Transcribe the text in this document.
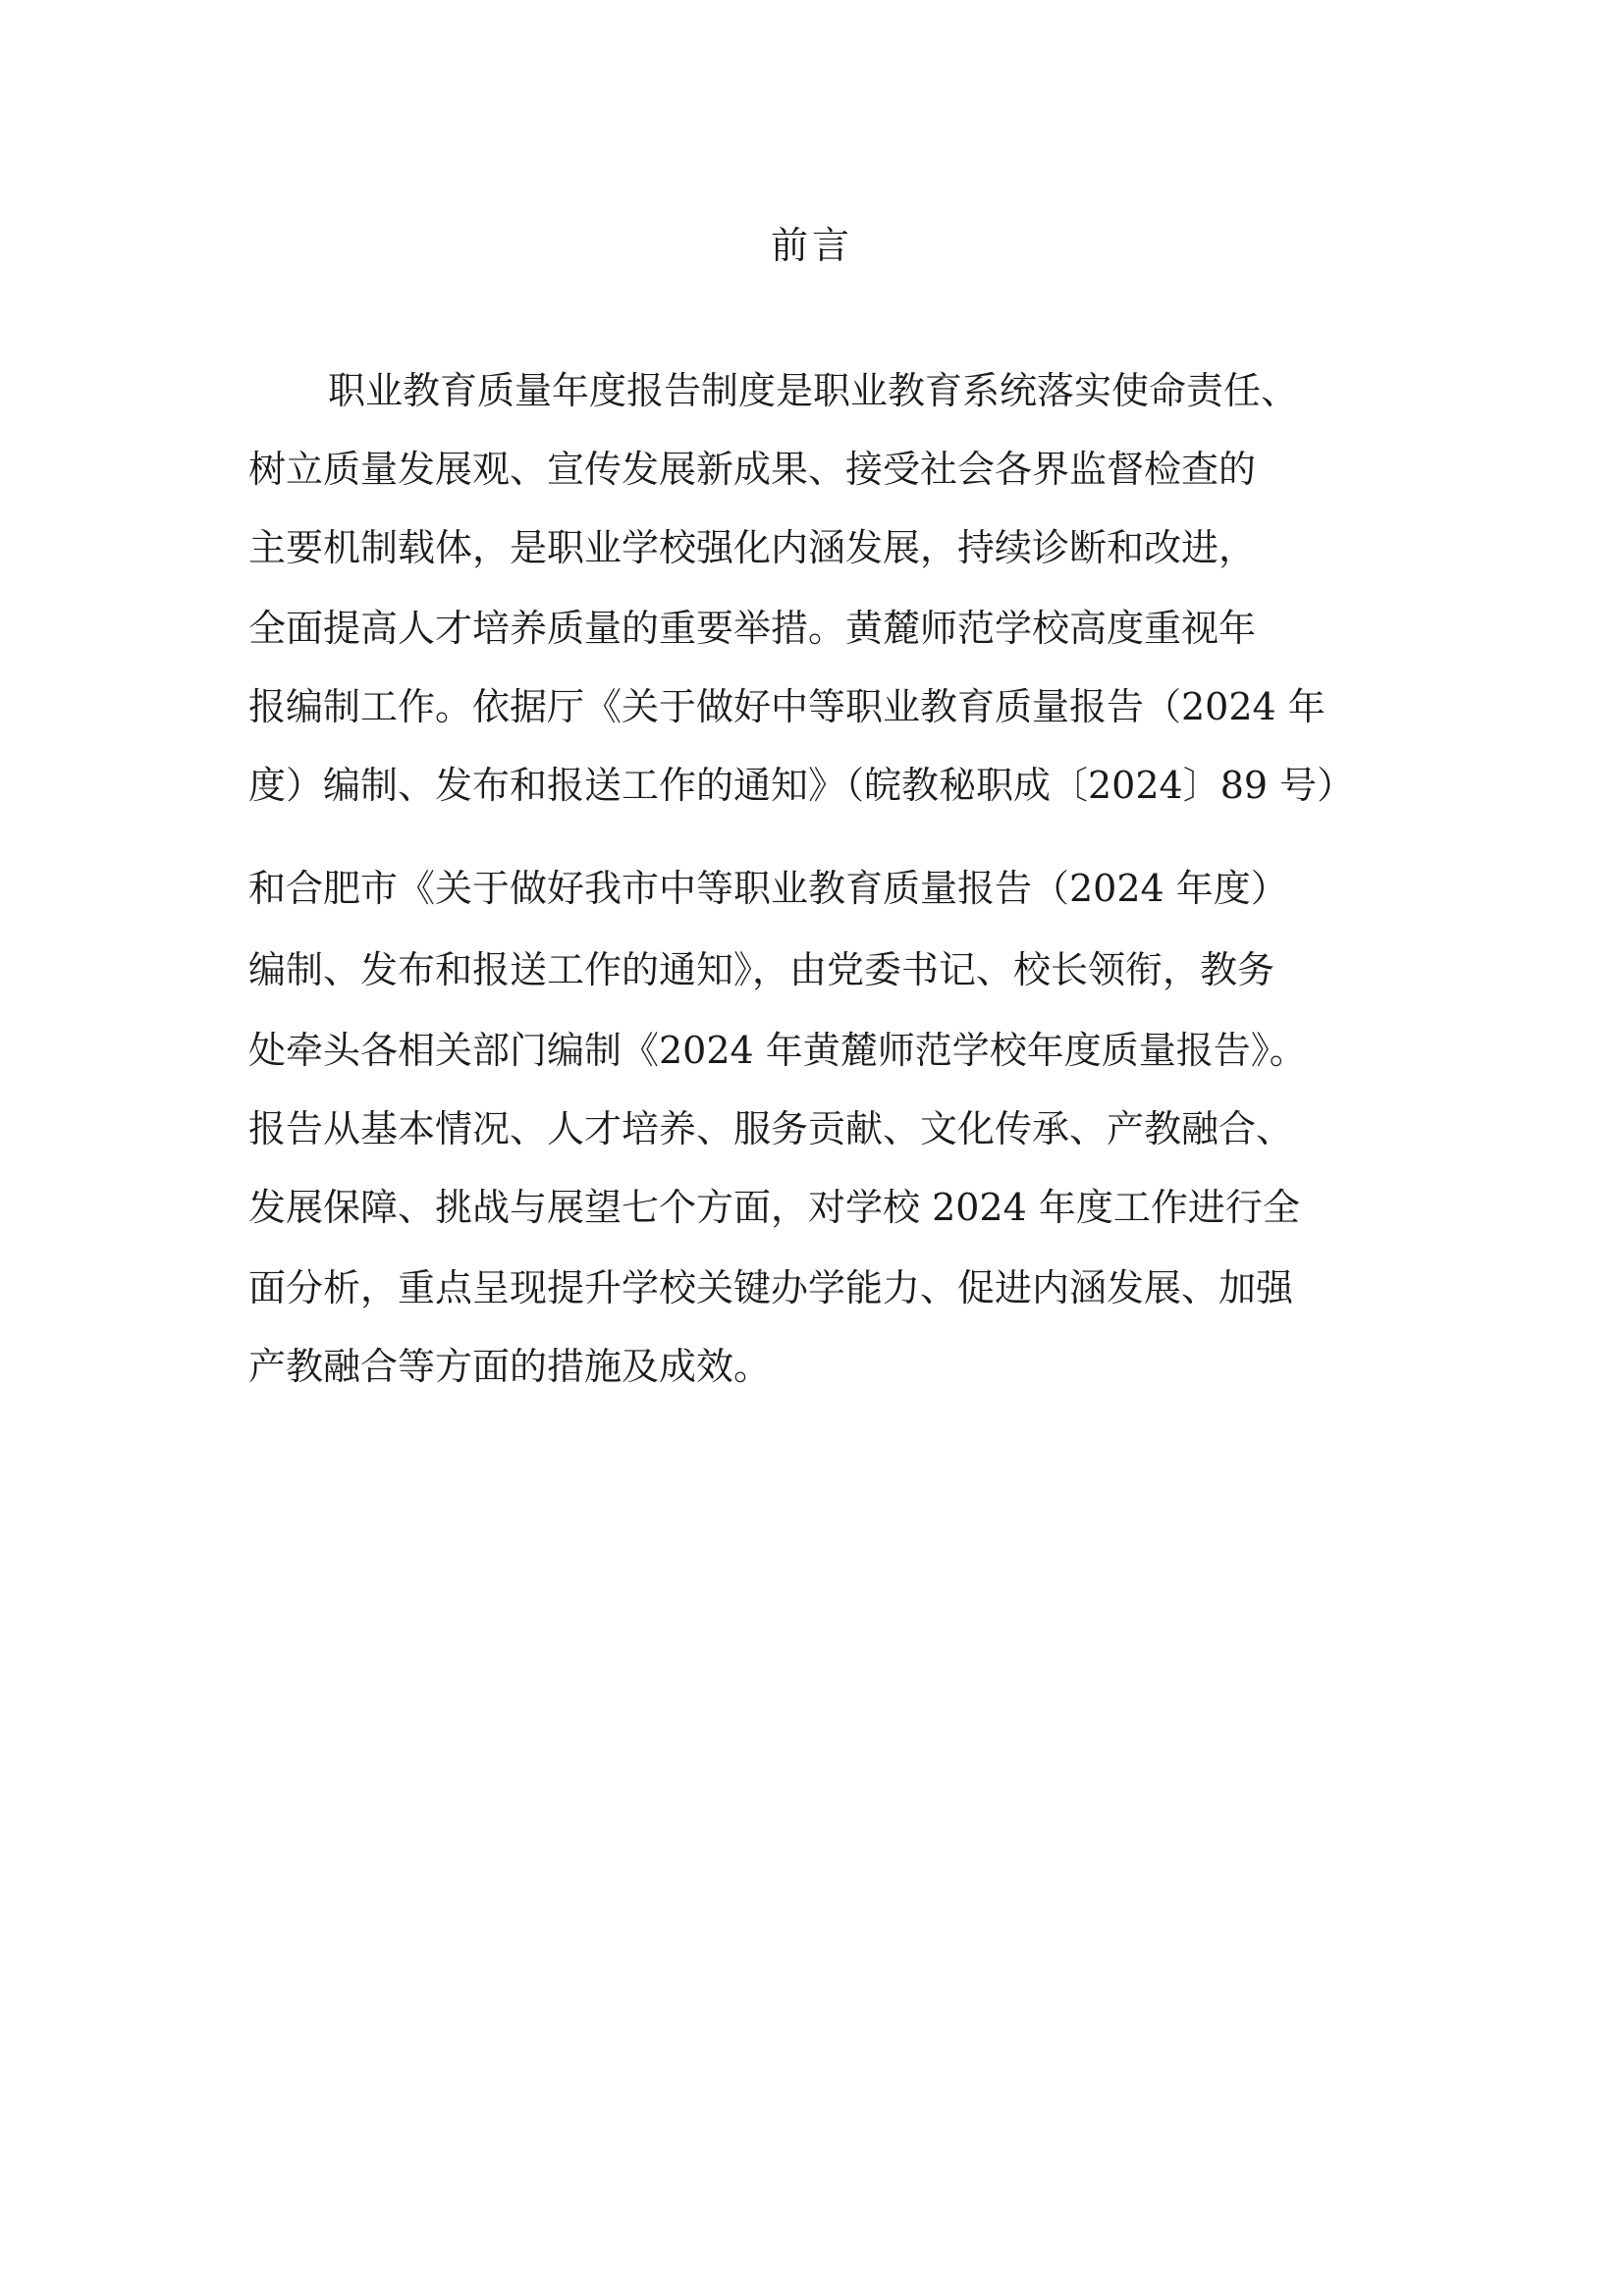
前言
职业教育质量年度报告制度是职业教育系统落实使命责任、
树立质量发展观、宣传发展新成果、接受社会各界监督检查的
主要机制载体，是职业学校强化内涵发展，持续诊断和改进，
全面提高人才培养质量的重要举措。黄麓师范学校高度重视年
报编制工作。依据厅《关于做好中等职业教育质量报告（2024 年
度）编制、发布和报送工作的通知》（皖教秘职成〔2024〕89 号）
和合肥市《关于做好我市中等职业教育质量报告（2024 年度）
编制、发布和报送工作的通知》，由党委书记、校长领衔，教务
处牵头各相关部门编制《2024 年黄麓师范学校年度质量报告》。
报告从基本情况、人才培养、服务贡献、文化传承、产教融合、
发展保障、挑战与展望七个方面，对学校 2024 年度工作进行全
面分析，重点呈现提升学校关键办学能力、促进内涵发展、加强
产教融合等方面的措施及成效。
